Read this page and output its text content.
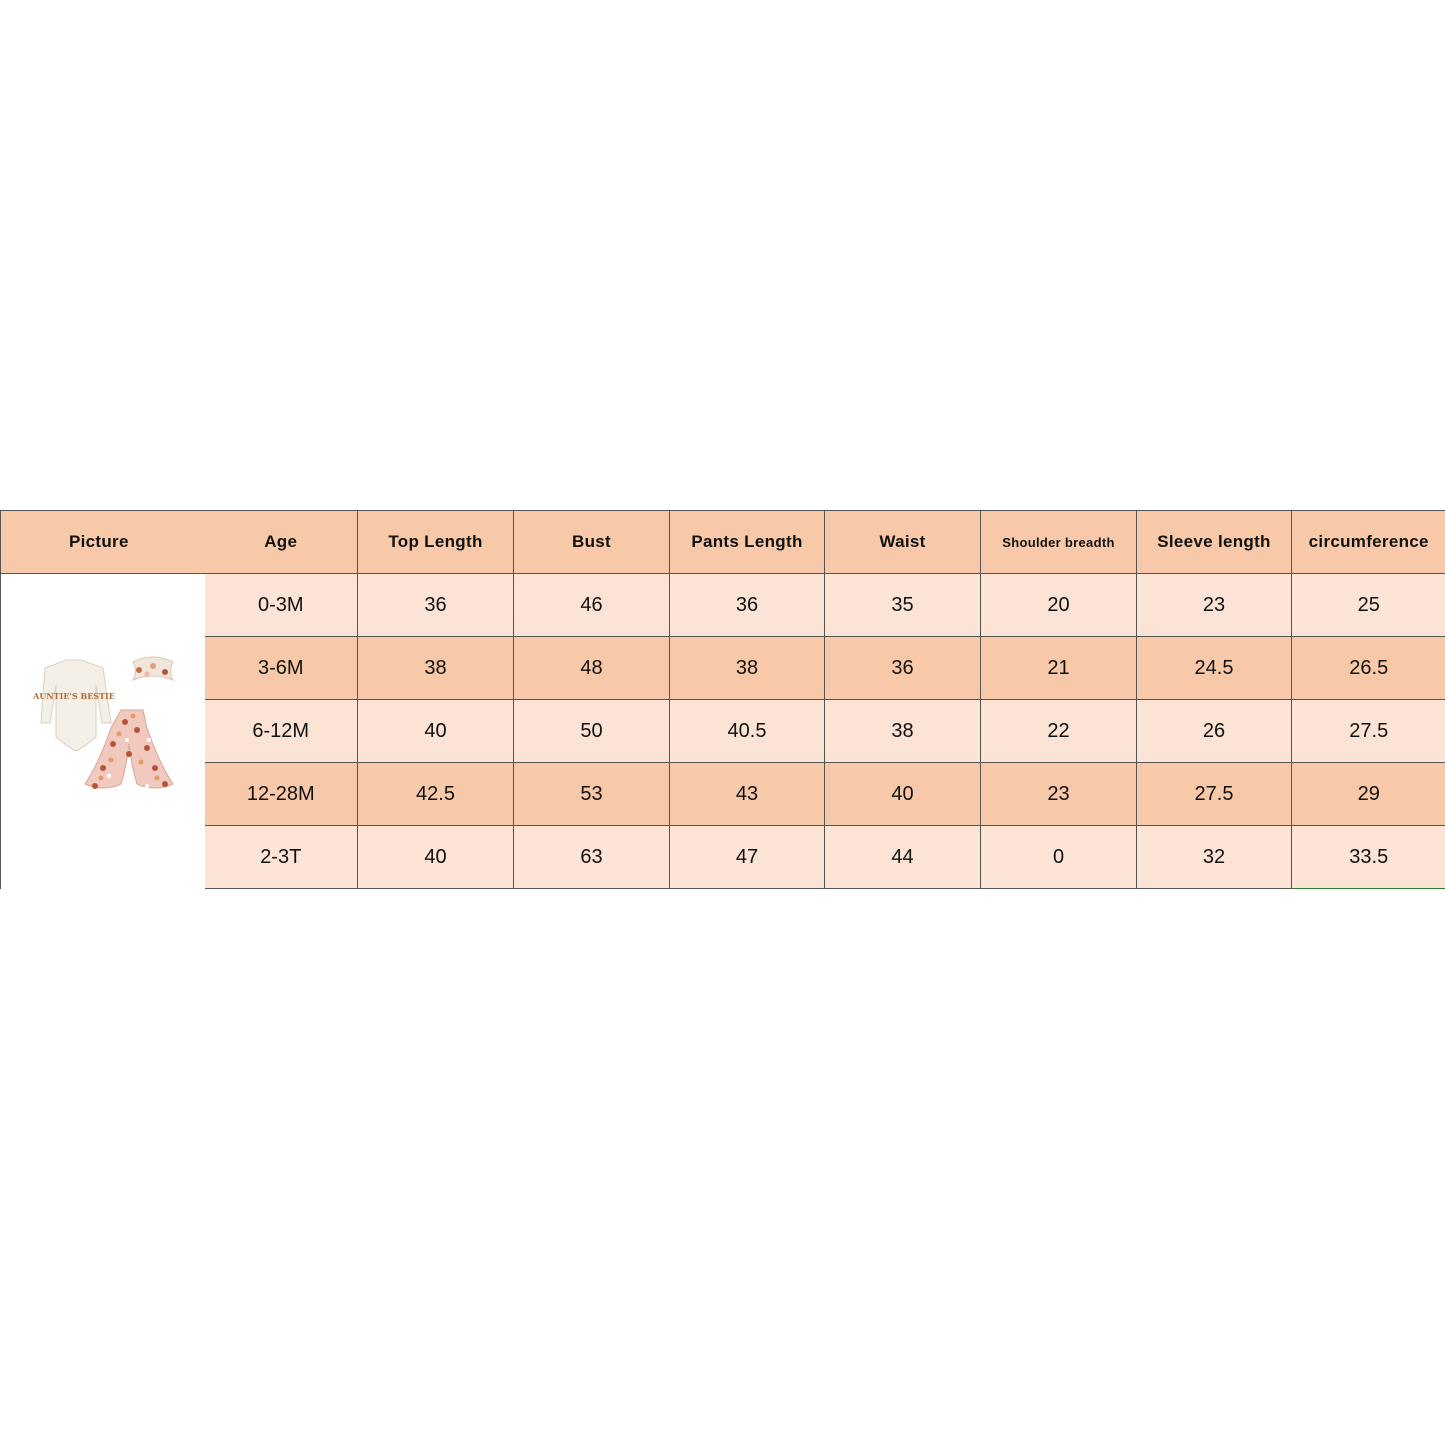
Picture	Age	Top Length	Bust	Pants Length	Waist	Shoulder breadth	Sleeve length	circumference

AUNTIE'S BESTIE	0-3M	36	46	36	35	20	23	25
	3-6M	38	48	38	36	21	24.5	26.5
	6-12M	40	50	40.5	38	22	26	27.5
	12-28M	42.5	53	43	40	23	27.5	29
	2-3T	40	63	47	44	0	32	33.5
